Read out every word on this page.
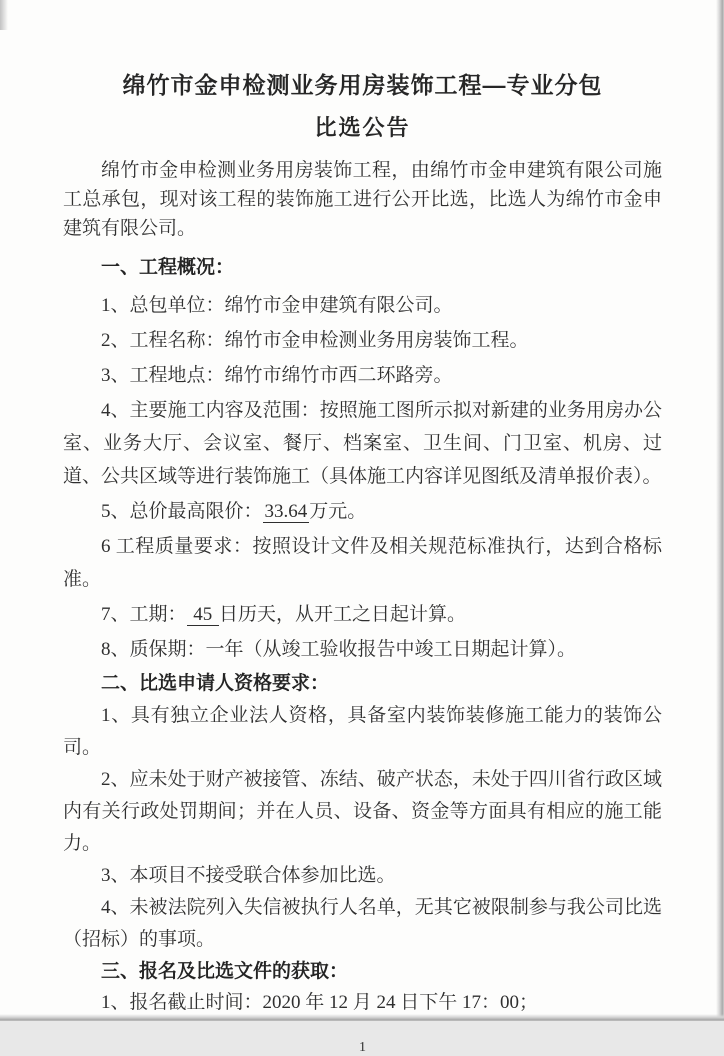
绵竹市金申检测业务用房装饰工程—专业分包

比选公告

绵竹市金申检测业务用房装饰工程，由绵竹市金申建筑有限公司施工总承包，现对该工程的装饰施工进行公开比选，比选人为绵竹市金申建筑有限公司。

一、工程概况：

1、总包单位：绵竹市金申建筑有限公司。

2、工程名称：绵竹市金申检测业务用房装饰工程。

3、工程地点：绵竹市绵竹市西二环路旁。

4、主要施工内容及范围：按照施工图所示拟对新建的业务用房办公室、业务大厅、会议室、餐厅、档案室、卫生间、门卫室、机房、过道、公共区域等进行装饰施工（具体施工内容详见图纸及清单报价表）。

5、总价最高限价： 33.64 万元。

6 工程质量要求：按照设计文件及相关规范标准执行，达到合格标准。

7、工期： 45 日历天，从开工之日起计算。

8、质保期：一年（从竣工验收报告中竣工日期起计算）。

二、比选申请人资格要求：

1、具有独立企业法人资格，具备室内装饰装修施工能力的装饰公司。

2、应未处于财产被接管、冻结、破产状态，未处于四川省行政区域内有关行政处罚期间；并在人员、设备、资金等方面具有相应的施工能力。

3、本项目不接受联合体参加比选。

4、未被法院列入失信被执行人名单，无其它被限制参与我公司比选（招标）的事项。

三、报名及比选文件的获取：

1、报名截止时间：2020 年 12 月 24 日下午 17：00；

1
